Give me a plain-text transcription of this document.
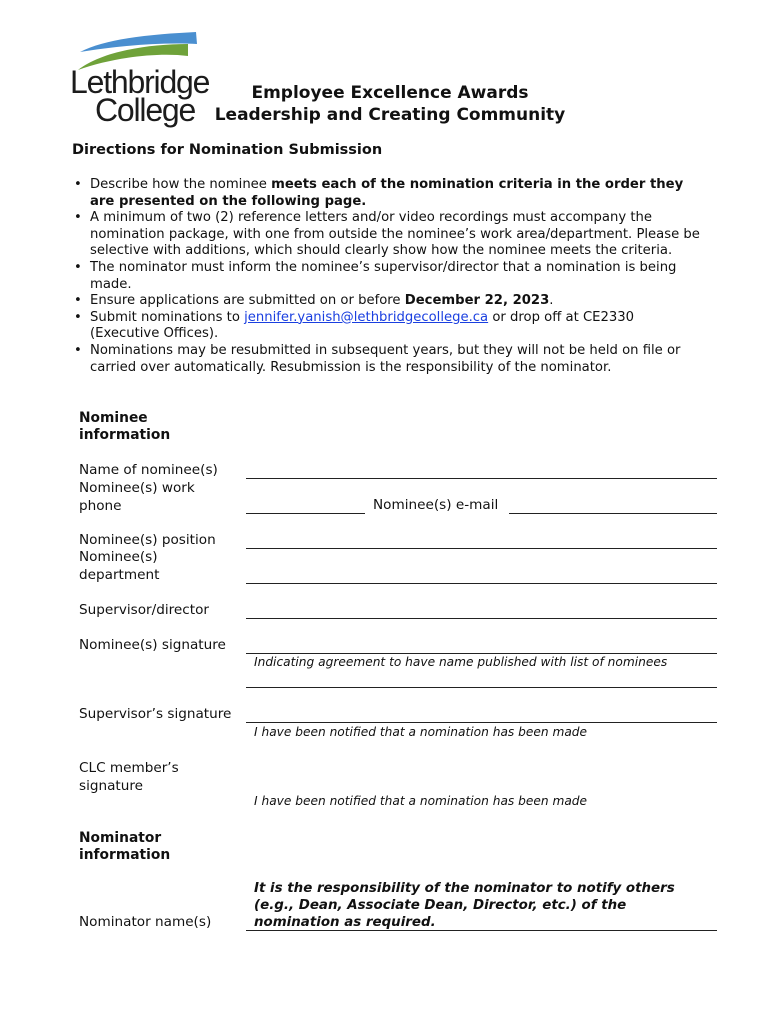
Lethbridge
College	Employee Excellence Awards
Leadership and Creating Community
Directions for Nomination Submission
• Describe how the nominee meets each of the nomination criteria in the order they are presented on the following page.
• A minimum of two (2) reference letters and/or video recordings must accompany the nomination package, with one from outside the nominee’s work area/department. Please be selective with additions, which should clearly show how the nominee meets the criteria.
• The nominator must inform the nominee’s supervisor/director that a nomination is being made.
• Ensure applications are submitted on or before December 22, 2023.
• Submit nominations to jennifer.yanish@lethbridgecollege.ca or drop off at CE2330 (Executive Offices).
• Nominations may be resubmitted in subsequent years, but they will not be held on file or carried over automatically. Resubmission is the responsibility of the nominator.
Nominee
information
Name of nominee(s)
Nominee(s) work
phone	Nominee(s) e-mail
Nominee(s) position
Nominee(s)
department
Supervisor/director
Nominee(s) signature
Indicating agreement to have name published with list of nominees
Supervisor’s signature
I have been notified that a nomination has been made
CLC member’s
signature
I have been notified that a nomination has been made
Nominator
information
It is the responsibility of the nominator to notify others
(e.g., Dean, Associate Dean, Director, etc.) of the
nomination as required.
Nominator name(s)
